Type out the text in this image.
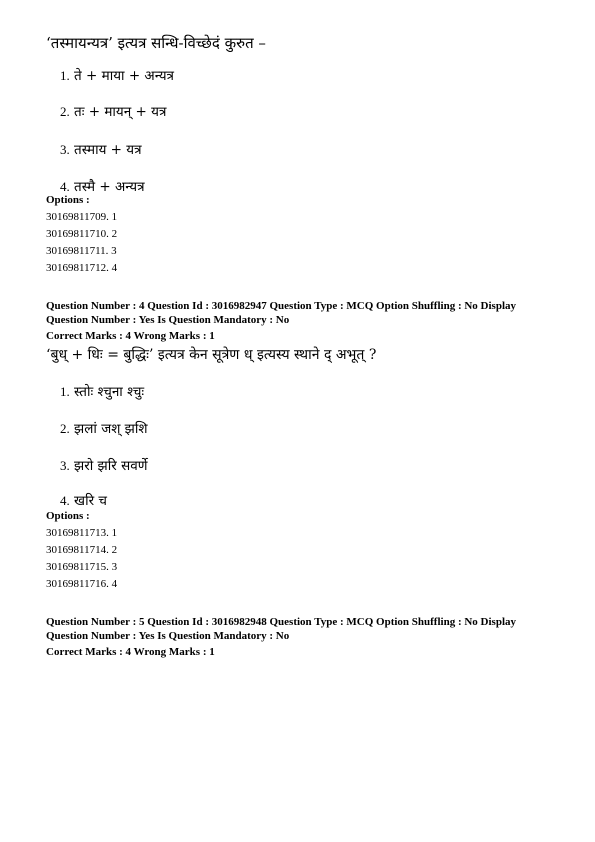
‘तस्मायन्यत्र’ इत्यत्र सन्धि-विच्छेदं कुरुत –
1. ते + माया + अन्यत्र
2. तः + मायन् + यत्र
3. तस्माय + यत्र
4. तस्मै + अन्यत्र
Options :
30169811709. 1
30169811710. 2
30169811711. 3
30169811712. 4
Question Number : 4 Question Id : 3016982947 Question Type : MCQ Option Shuffling : No Display
Question Number : Yes Is Question Mandatory : No
Correct Marks : 4 Wrong Marks : 1
‘बुध् + धिः = बुद्धिः’ इत्यत्र केन सूत्रेण ध् इत्यस्य स्थाने द् अभूत् ?
1. स्तोः श्चुना श्चुः
2. झलां जश् झशि
3. झरो झरि सवर्णे
4. खरि च
Options :
30169811713. 1
30169811714. 2
30169811715. 3
30169811716. 4
Question Number : 5 Question Id : 3016982948 Question Type : MCQ Option Shuffling : No Display
Question Number : Yes Is Question Mandatory : No
Correct Marks : 4 Wrong Marks : 1
